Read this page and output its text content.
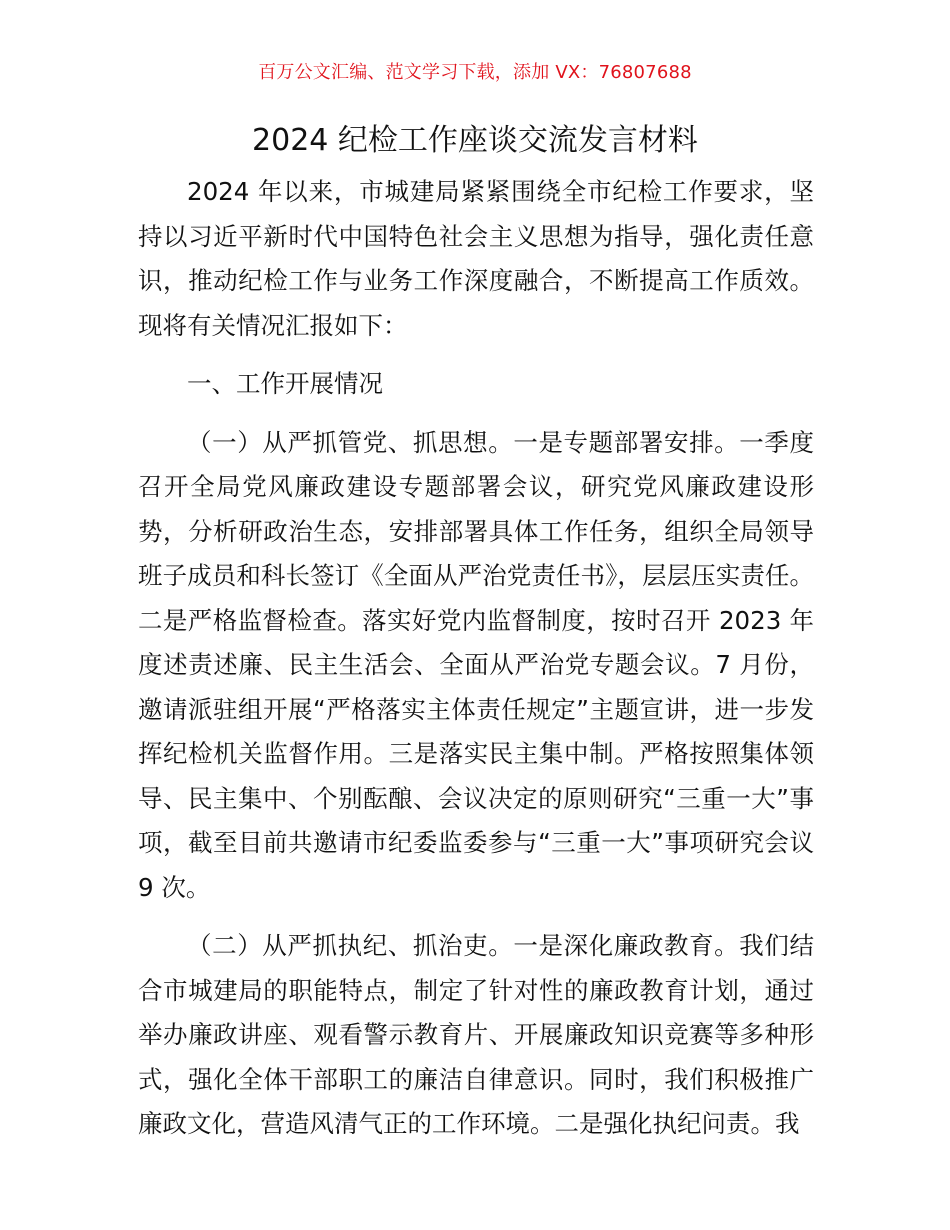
百万公文汇编、范文学习下载，添加 VX：76807688
2024 纪检工作座谈交流发言材料

2024 年以来，市城建局紧紧围绕全市纪检工作要求，坚持以习近平新时代中国特色社会主义思想为指导，强化责任意识，推动纪检工作与业务工作深度融合，不断提高工作质效。现将有关情况汇报如下：

一、工作开展情况

（一）从严抓管党、抓思想。一是专题部署安排。一季度召开全局党风廉政建设专题部署会议，研究党风廉政建设形势，分析研政治生态，安排部署具体工作任务，组织全局领导班子成员和科长签订《全面从严治党责任书》，层层压实责任。二是严格监督检查。落实好党内监督制度，按时召开 2023 年度述责述廉、民主生活会、全面从严治党专题会议。7 月份，邀请派驻组开展“严格落实主体责任规定”主题宣讲，进一步发挥纪检机关监督作用。三是落实民主集中制。严格按照集体领导、民主集中、个别酝酿、会议决定的原则研究“三重一大”事项，截至目前共邀请市纪委监委参与“三重一大”事项研究会议 9 次。

（二）从严抓执纪、抓治吏。一是深化廉政教育。我们结合市城建局的职能特点，制定了针对性的廉政教育计划，通过举办廉政讲座、观看警示教育片、开展廉政知识竞赛等多种形式，强化全体干部职工的廉洁自律意识。同时，我们积极推广廉政文化，营造风清气正的工作环境。二是强化执纪问责。我
